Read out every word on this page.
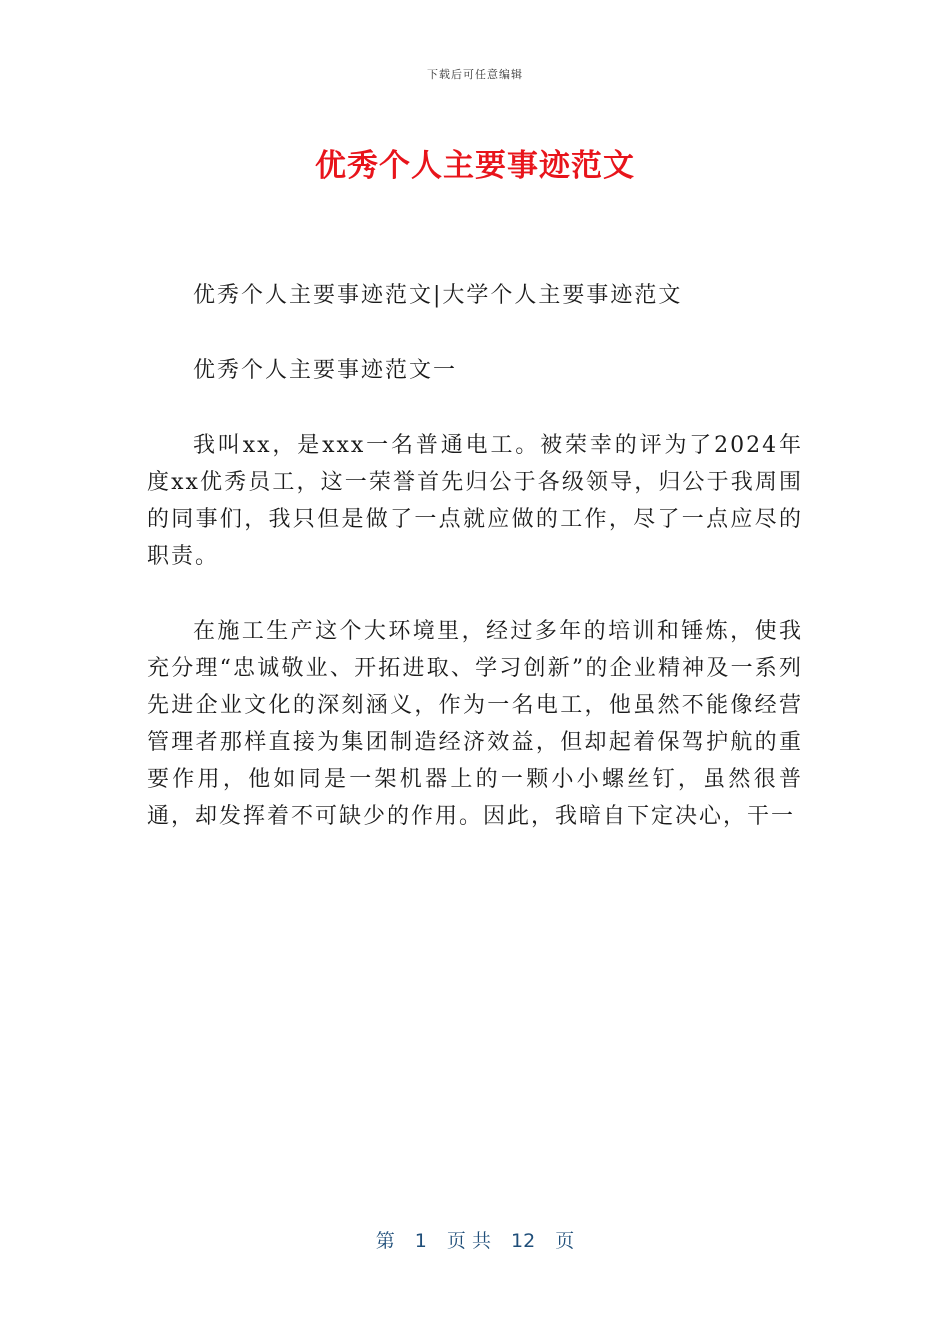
下载后可任意编辑
优秀个人主要事迹范文

优秀个人主要事迹范文|大学个人主要事迹范文

优秀个人主要事迹范文一

我叫xx，是xxx一名普通电工。被荣幸的评为了2024年度xx优秀员工，这一荣誉首先归公于各级领导，归公于我周围的同事们，我只但是做了一点就应做的工作，尽了一点应尽的职责。

在施工生产这个大环境里，经过多年的培训和锤炼，使我充分理“忠诚敬业、开拓进取、学习创新”的企业精神及一系列先进企业文化的深刻涵义，作为一名电工，他虽然不能像经营管理者那样直接为集团制造经济效益，但却起着保驾护航的重要作用，他如同是一架机器上的一颗小小螺丝钉，虽然很普通，却发挥着不可缺少的作用。因此，我暗自下定决心，干一

第 1 页 共 12 页
